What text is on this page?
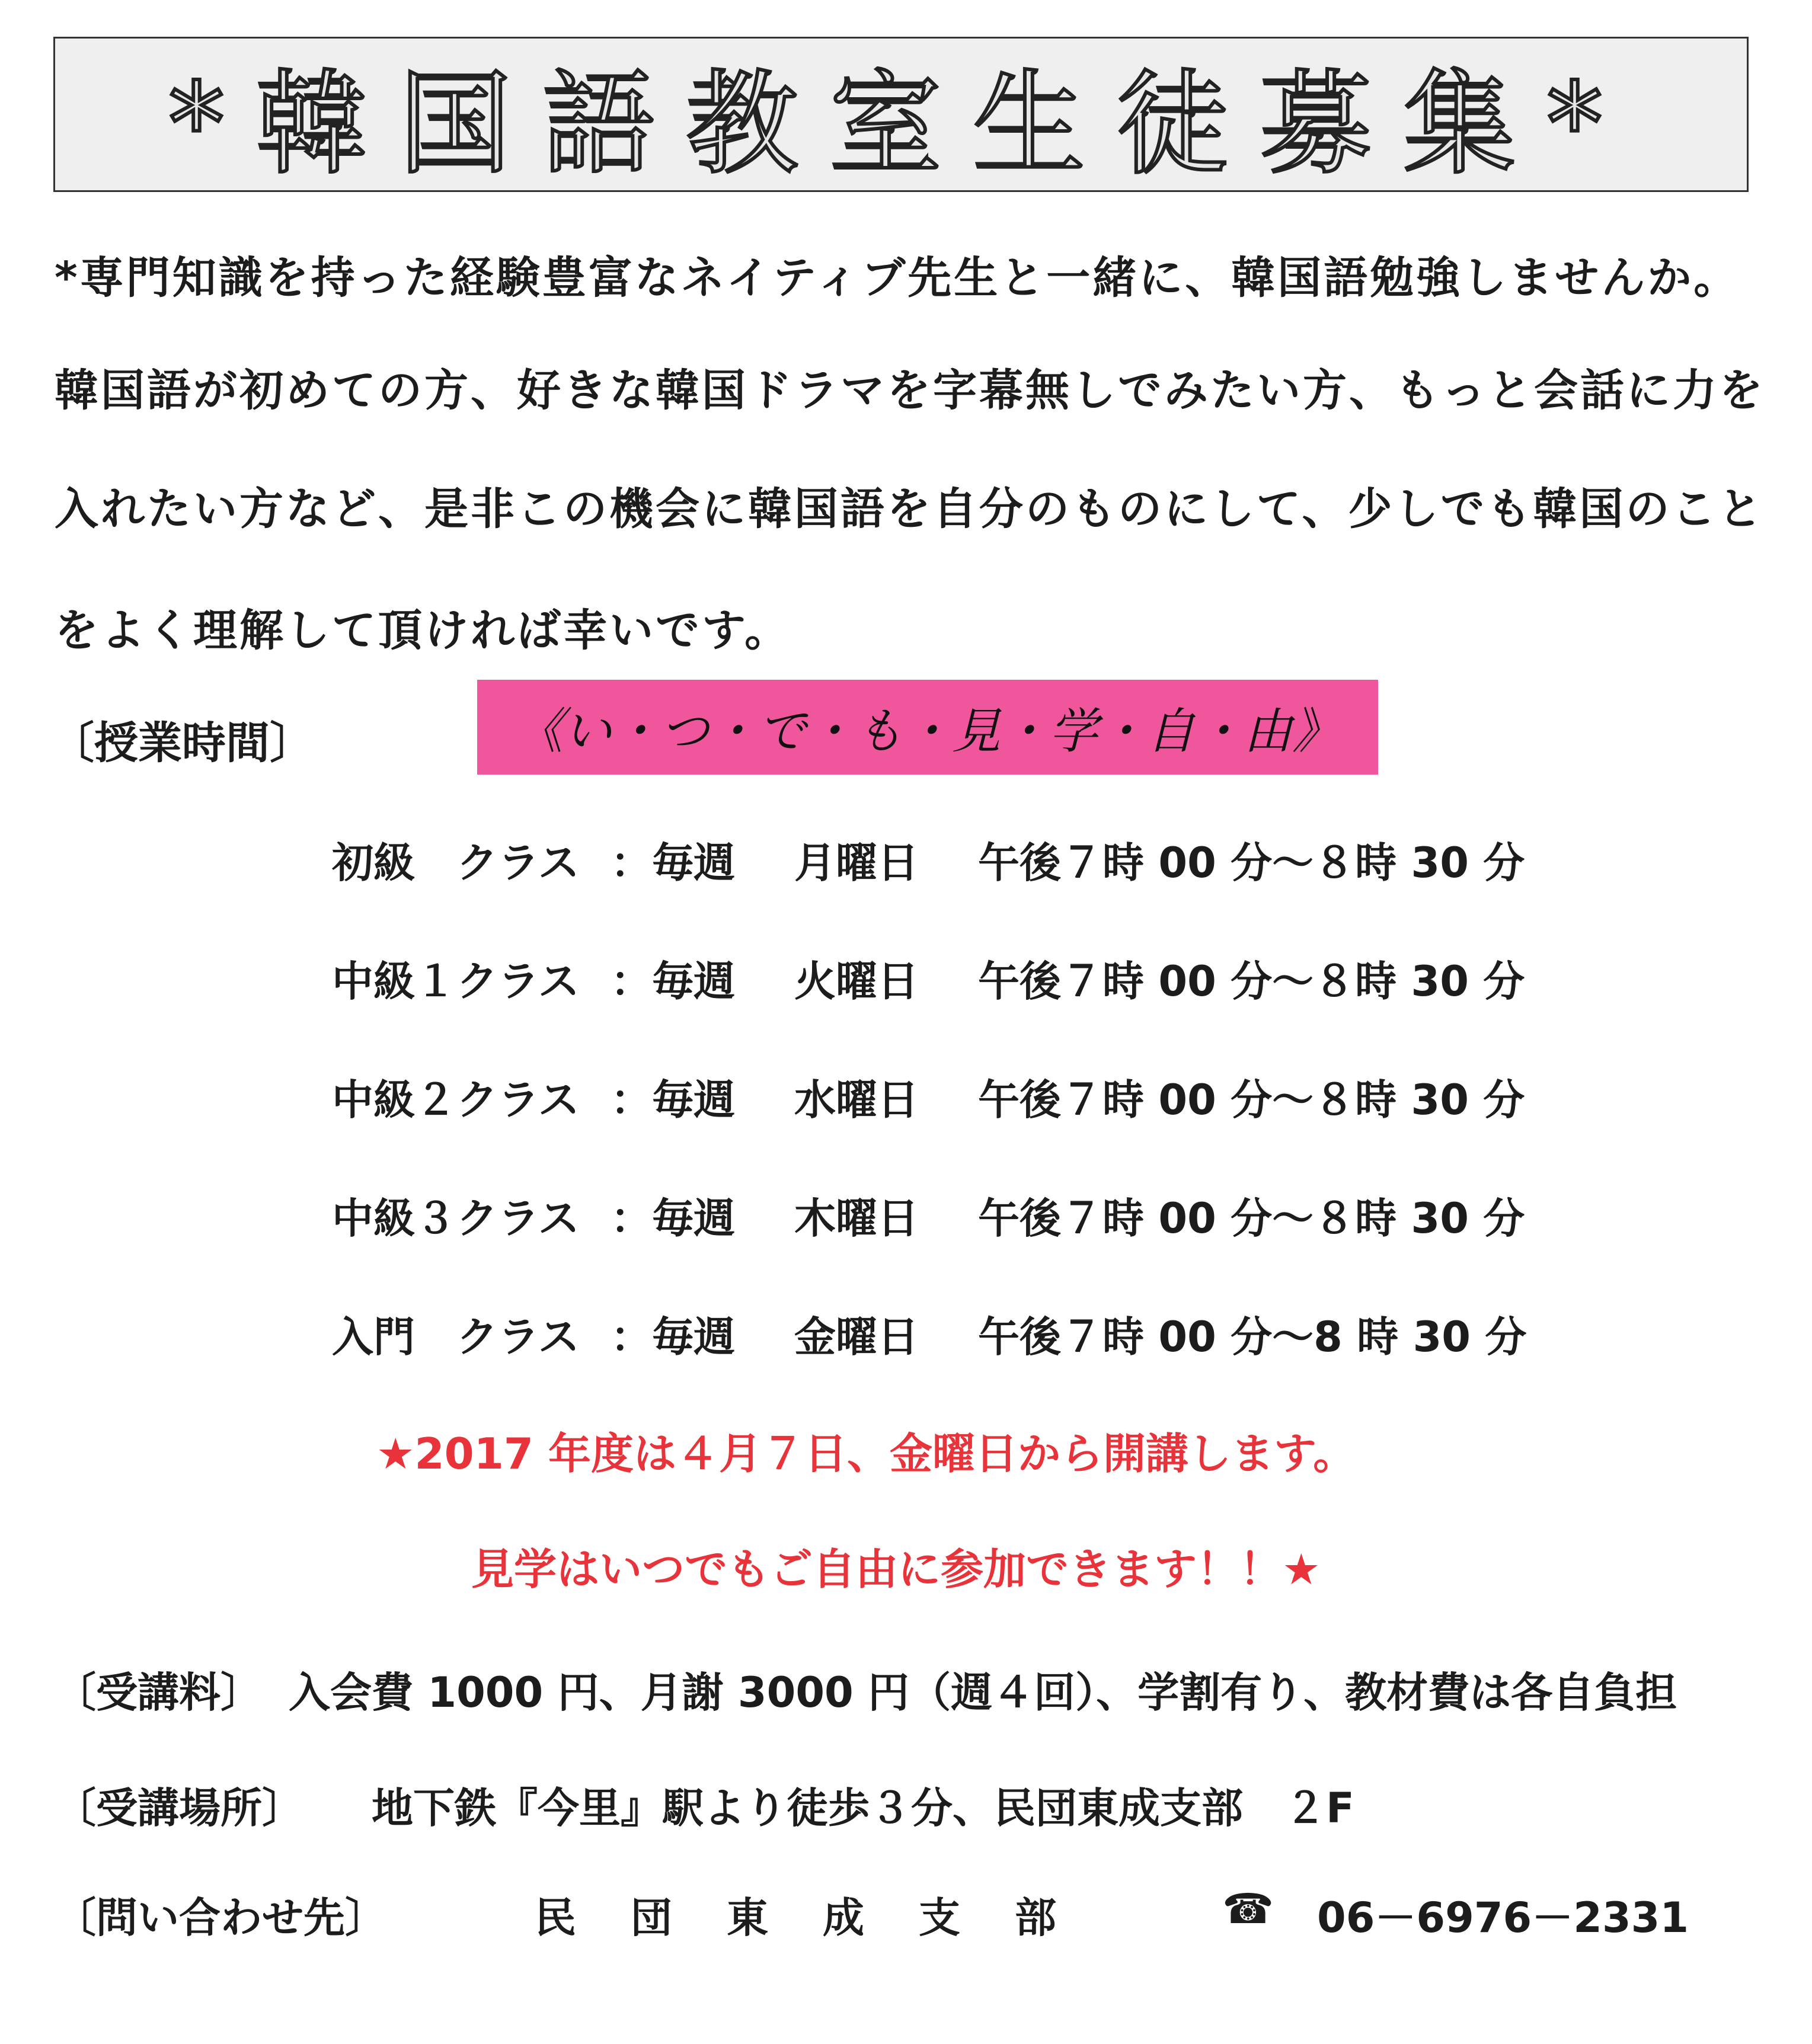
*韓国語教室生徒募集*
*専門知識を持った経験豊富なネイティブ先生と一緒に、韓国語勉強しませんか。
韓国語が初めての方、好きな韓国ドラマを字幕無しでみたい方、もっと会話に力を
入れたい方など、是非この機会に韓国語を自分のものにして、少しでも韓国のこと
をよく理解して頂ければ幸いです。
〔授業時間〕	《い・つ・で・も・見・学・自・由》
初級　クラス ： 毎週 月曜日 午後７時 00 分～８時 30 分
中級１クラス ： 毎週 火曜日 午後７時 00 分～８時 30 分
中級２クラス ： 毎週 水曜日 午後７時 00 分～８時 30 分
中級３クラス ： 毎週 木曜日 午後７時 00 分～８時 30 分
入門　クラス ： 毎週 金曜日 午後７時 00 分～8 時 30 分
★2017 年度は４月７日、金曜日から開講します。
見学はいつでもご自由に参加できます！！★
〔受講料〕 入会費 1000 円、月謝 3000 円（週４回）、学割有り、教材費は各自負担
〔受講場所〕 地下鉄『今里』駅より徒歩３分、民団東成支部　２F
〔問い合わせ先〕	民団東成支部	☎ 06－6976－2331
